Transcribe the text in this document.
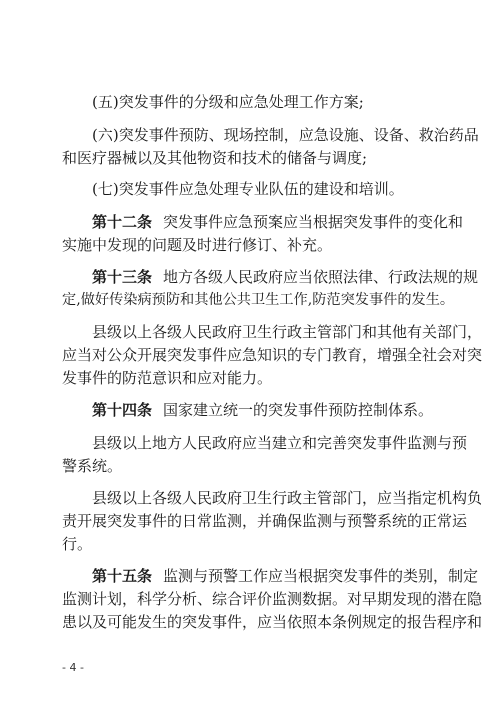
(五)突发事件的分级和应急处理工作方案;
(六)突发事件预防、现场控制，应急设施、设备、救治药品
和医疗器械以及其他物资和技术的储备与调度;
(七)突发事件应急处理专业队伍的建设和培训。
第十二条 突发事件应急预案应当根据突发事件的变化和
实施中发现的问题及时进行修订、补充。
第十三条 地方各级人民政府应当依照法律、行政法规的规
定,做好传染病预防和其他公共卫生工作,防范突发事件的发生。
县级以上各级人民政府卫生行政主管部门和其他有关部门，
应当对公众开展突发事件应急知识的专门教育，增强全社会对突
发事件的防范意识和应对能力。
第十四条 国家建立统一的突发事件预防控制体系。
县级以上地方人民政府应当建立和完善突发事件监测与预
警系统。
县级以上各级人民政府卫生行政主管部门，应当指定机构负
责开展突发事件的日常监测，并确保监测与预警系统的正常运
行。
第十五条 监测与预警工作应当根据突发事件的类别，制定
监测计划，科学分析、综合评价监测数据。对早期发现的潜在隐
患以及可能发生的突发事件，应当依照本条例规定的报告程序和
- 4 -
